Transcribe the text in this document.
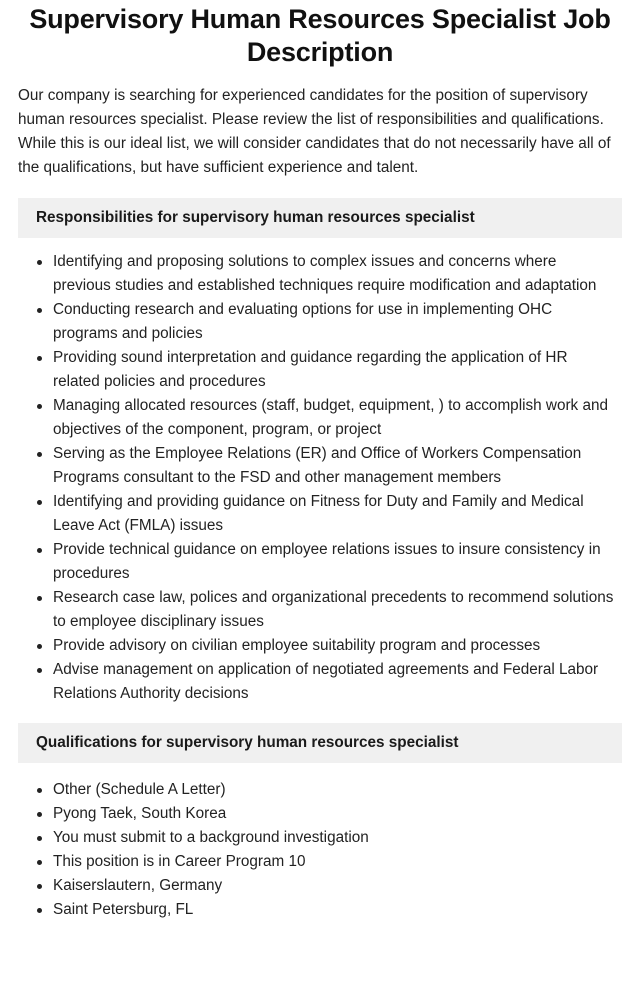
Supervisory Human Resources Specialist Job Description

Our company is searching for experienced candidates for the position of supervisory human resources specialist. Please review the list of responsibilities and qualifications. While this is our ideal list, we will consider candidates that do not necessarily have all of the qualifications, but have sufficient experience and talent.

Responsibilities for supervisory human resources specialist
Identifying and proposing solutions to complex issues and concerns where previous studies and established techniques require modification and adaptation
Conducting research and evaluating options for use in implementing OHC programs and policies
Providing sound interpretation and guidance regarding the application of HR related policies and procedures
Managing allocated resources (staff, budget, equipment, ) to accomplish work and objectives of the component, program, or project
Serving as the Employee Relations (ER) and Office of Workers Compensation Programs consultant to the FSD and other management members
Identifying and providing guidance on Fitness for Duty and Family and Medical Leave Act (FMLA) issues
Provide technical guidance on employee relations issues to insure consistency in procedures
Research case law, polices and organizational precedents to recommend solutions to employee disciplinary issues
Provide advisory on civilian employee suitability program and processes
Advise management on application of negotiated agreements and Federal Labor Relations Authority decisions
Qualifications for supervisory human resources specialist
Other (Schedule A Letter)
Pyong Taek, South Korea
You must submit to a background investigation
This position is in Career Program 10
Kaiserslautern, Germany
Saint Petersburg, FL
